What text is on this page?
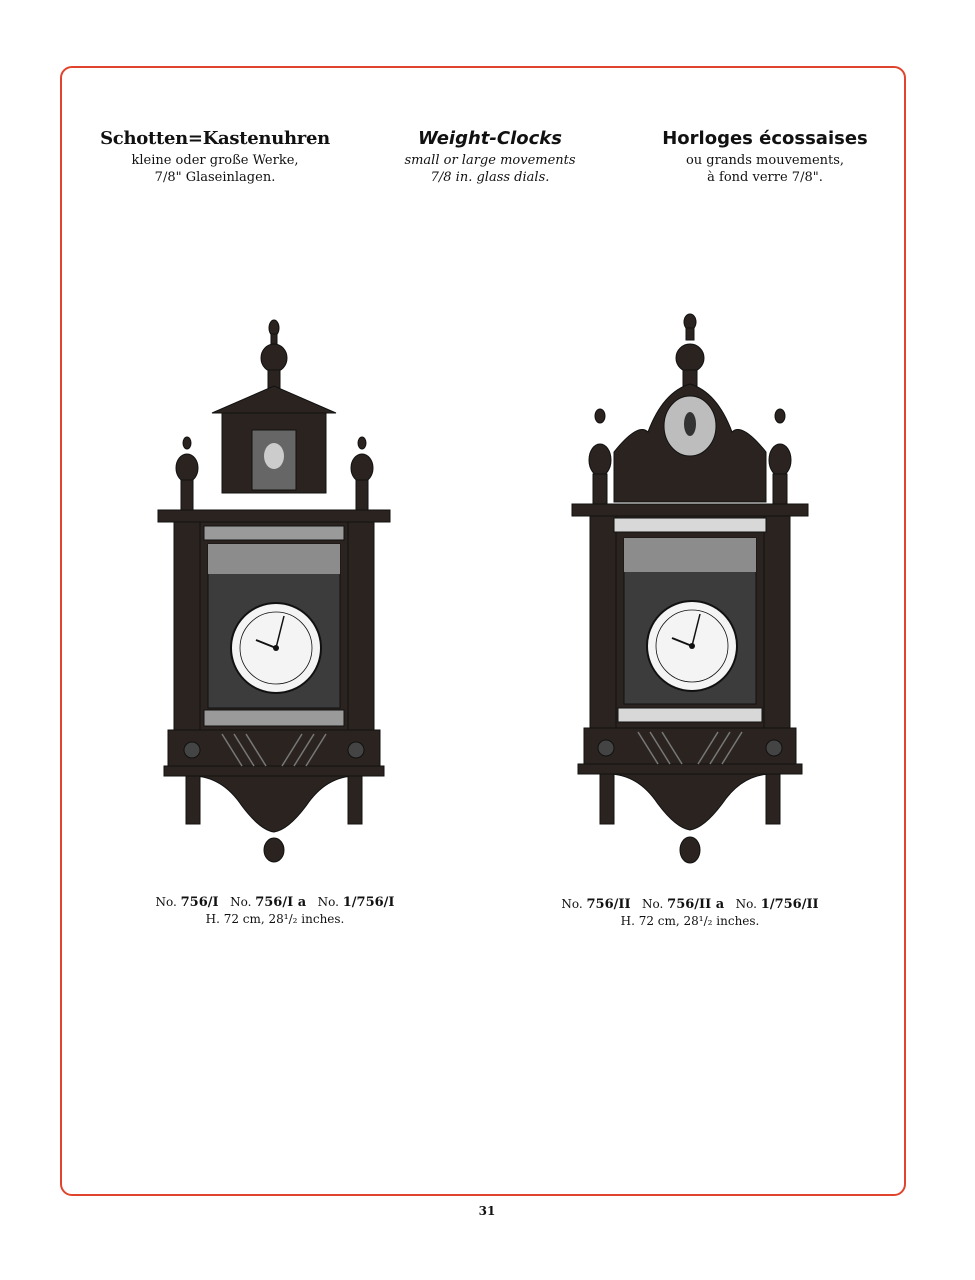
Schotten=Kastenuhren
kleine oder große Werke,
7/8" Glaseinlagen.
Weight-Clocks
small or large movements
7/8 in. glass dials.
Horloges écossaises
ou grands mouvements,
à fond verre 7/8".
No. 756/I No. 756/I a No. 1/756/I
H. 72 cm, 28¹/₂ inches.
No. 756/II No. 756/II a No. 1/756/II
H. 72 cm, 28¹/₂ inches.
31
